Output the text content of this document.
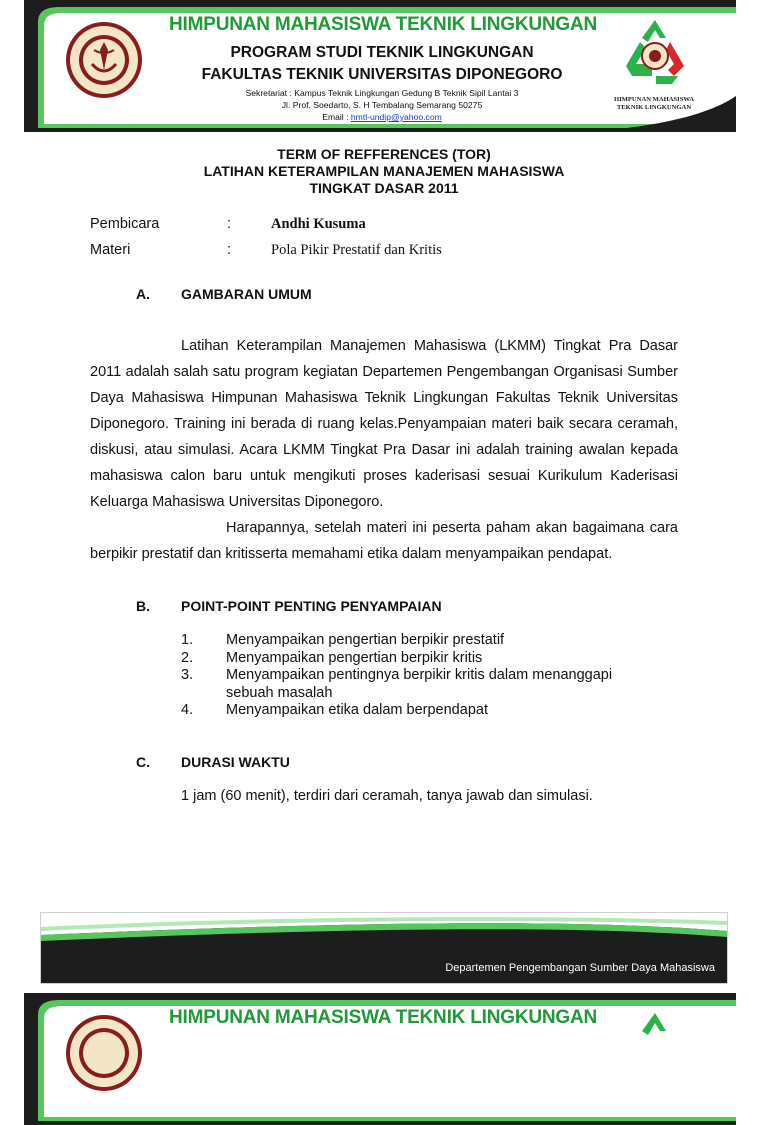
HIMPUNAN MAHASISWA TEKNIK LINGKUNGAN
PROGRAM STUDI TEKNIK LINGKUNGAN
FAKULTAS TEKNIK UNIVERSITAS DIPONEGORO
Sekretariat : Kampus Teknik Lingkungan Gedung B Teknik Sipil Lantai 3
Jl. Prof. Soedarto, S. H Tembalang Semarang 50275
Email : hmtl-undip@yahoo.com
HIMPUNAN MAHASISWA
TEKNIK LINGKUNGAN
TERM OF REFFERENCES (TOR)
LATIHAN KETERAMPILAN MANAJEMEN MAHASISWA
TINGKAT DASAR 2011
Pembicara	:	Andhi Kusuma
Materi	:	Pola Pikir Prestatif dan Kritis
A. GAMBARAN UMUM

Latihan Keterampilan Manajemen Mahasiswa (LKMM) Tingkat Pra Dasar 2011 adalah salah satu program kegiatan Departemen Pengembangan Organisasi Sumber Daya Mahasiswa Himpunan Mahasiswa Teknik Lingkungan Fakultas Teknik Universitas Diponegoro. Training ini berada di ruang kelas.Penyampaian materi baik secara ceramah, diskusi, atau simulasi. Acara LKMM Tingkat Pra Dasar ini adalah training awalan kepada mahasiswa calon baru untuk mengikuti proses kaderisasi sesuai Kurikulum Kaderisasi Keluarga Mahasiswa Universitas Diponegoro.

Harapannya, setelah materi ini peserta paham akan bagaimana cara berpikir prestatif dan kritisserta memahami etika dalam menyampaikan pendapat.

B. POINT-POINT PENTING PENYAMPAIAN
1. Menyampaikan pengertian berpikir prestatif
2. Menyampaikan pengertian berpikir kritis
3. Menyampaikan pentingnya berpikir kritis dalam menanggapi sebuah masalah
4. Menyampaikan etika dalam berpendapat
C. DURASI WAKTU
1 jam (60 menit), terdiri dari ceramah, tanya jawab dan simulasi.
Departemen Pengembangan Sumber Daya Mahasiswa
HIMPUNAN MAHASISWA TEKNIK LINGKUNGAN
